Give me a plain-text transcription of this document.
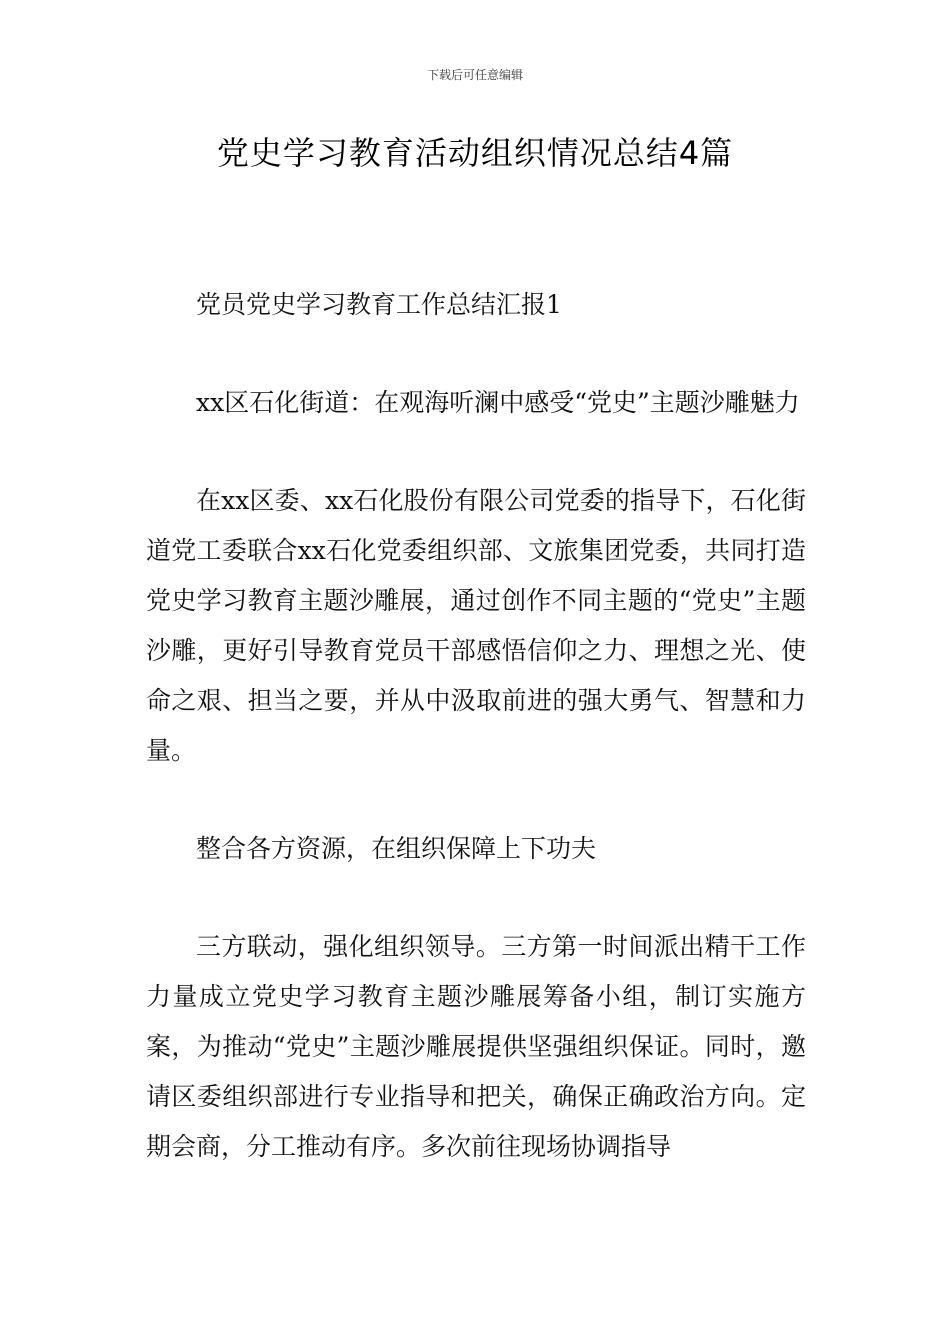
下载后可任意编辑
党史学习教育活动组织情况总结4篇

党员党史学习教育工作总结汇报1

xx区石化街道：在观海听澜中感受“党史”主题沙雕魅力

在xx区委、xx石化股份有限公司党委的指导下，石化街道党工委联合xx石化党委组织部、文旅集团党委，共同打造党史学习教育主题沙雕展，通过创作不同主题的“党史”主题沙雕，更好引导教育党员干部感悟信仰之力、理想之光、使命之艰、担当之要，并从中汲取前进的强大勇气、智慧和力量。

整合各方资源，在组织保障上下功夫

三方联动，强化组织领导。三方第一时间派出精干工作力量成立党史学习教育主题沙雕展筹备小组，制订实施方案，为推动“党史”主题沙雕展提供坚强组织保证。同时，邀请区委组织部进行专业指导和把关，确保正确政治方向。定期会商，分工推动有序。多次前往现场协调指导
